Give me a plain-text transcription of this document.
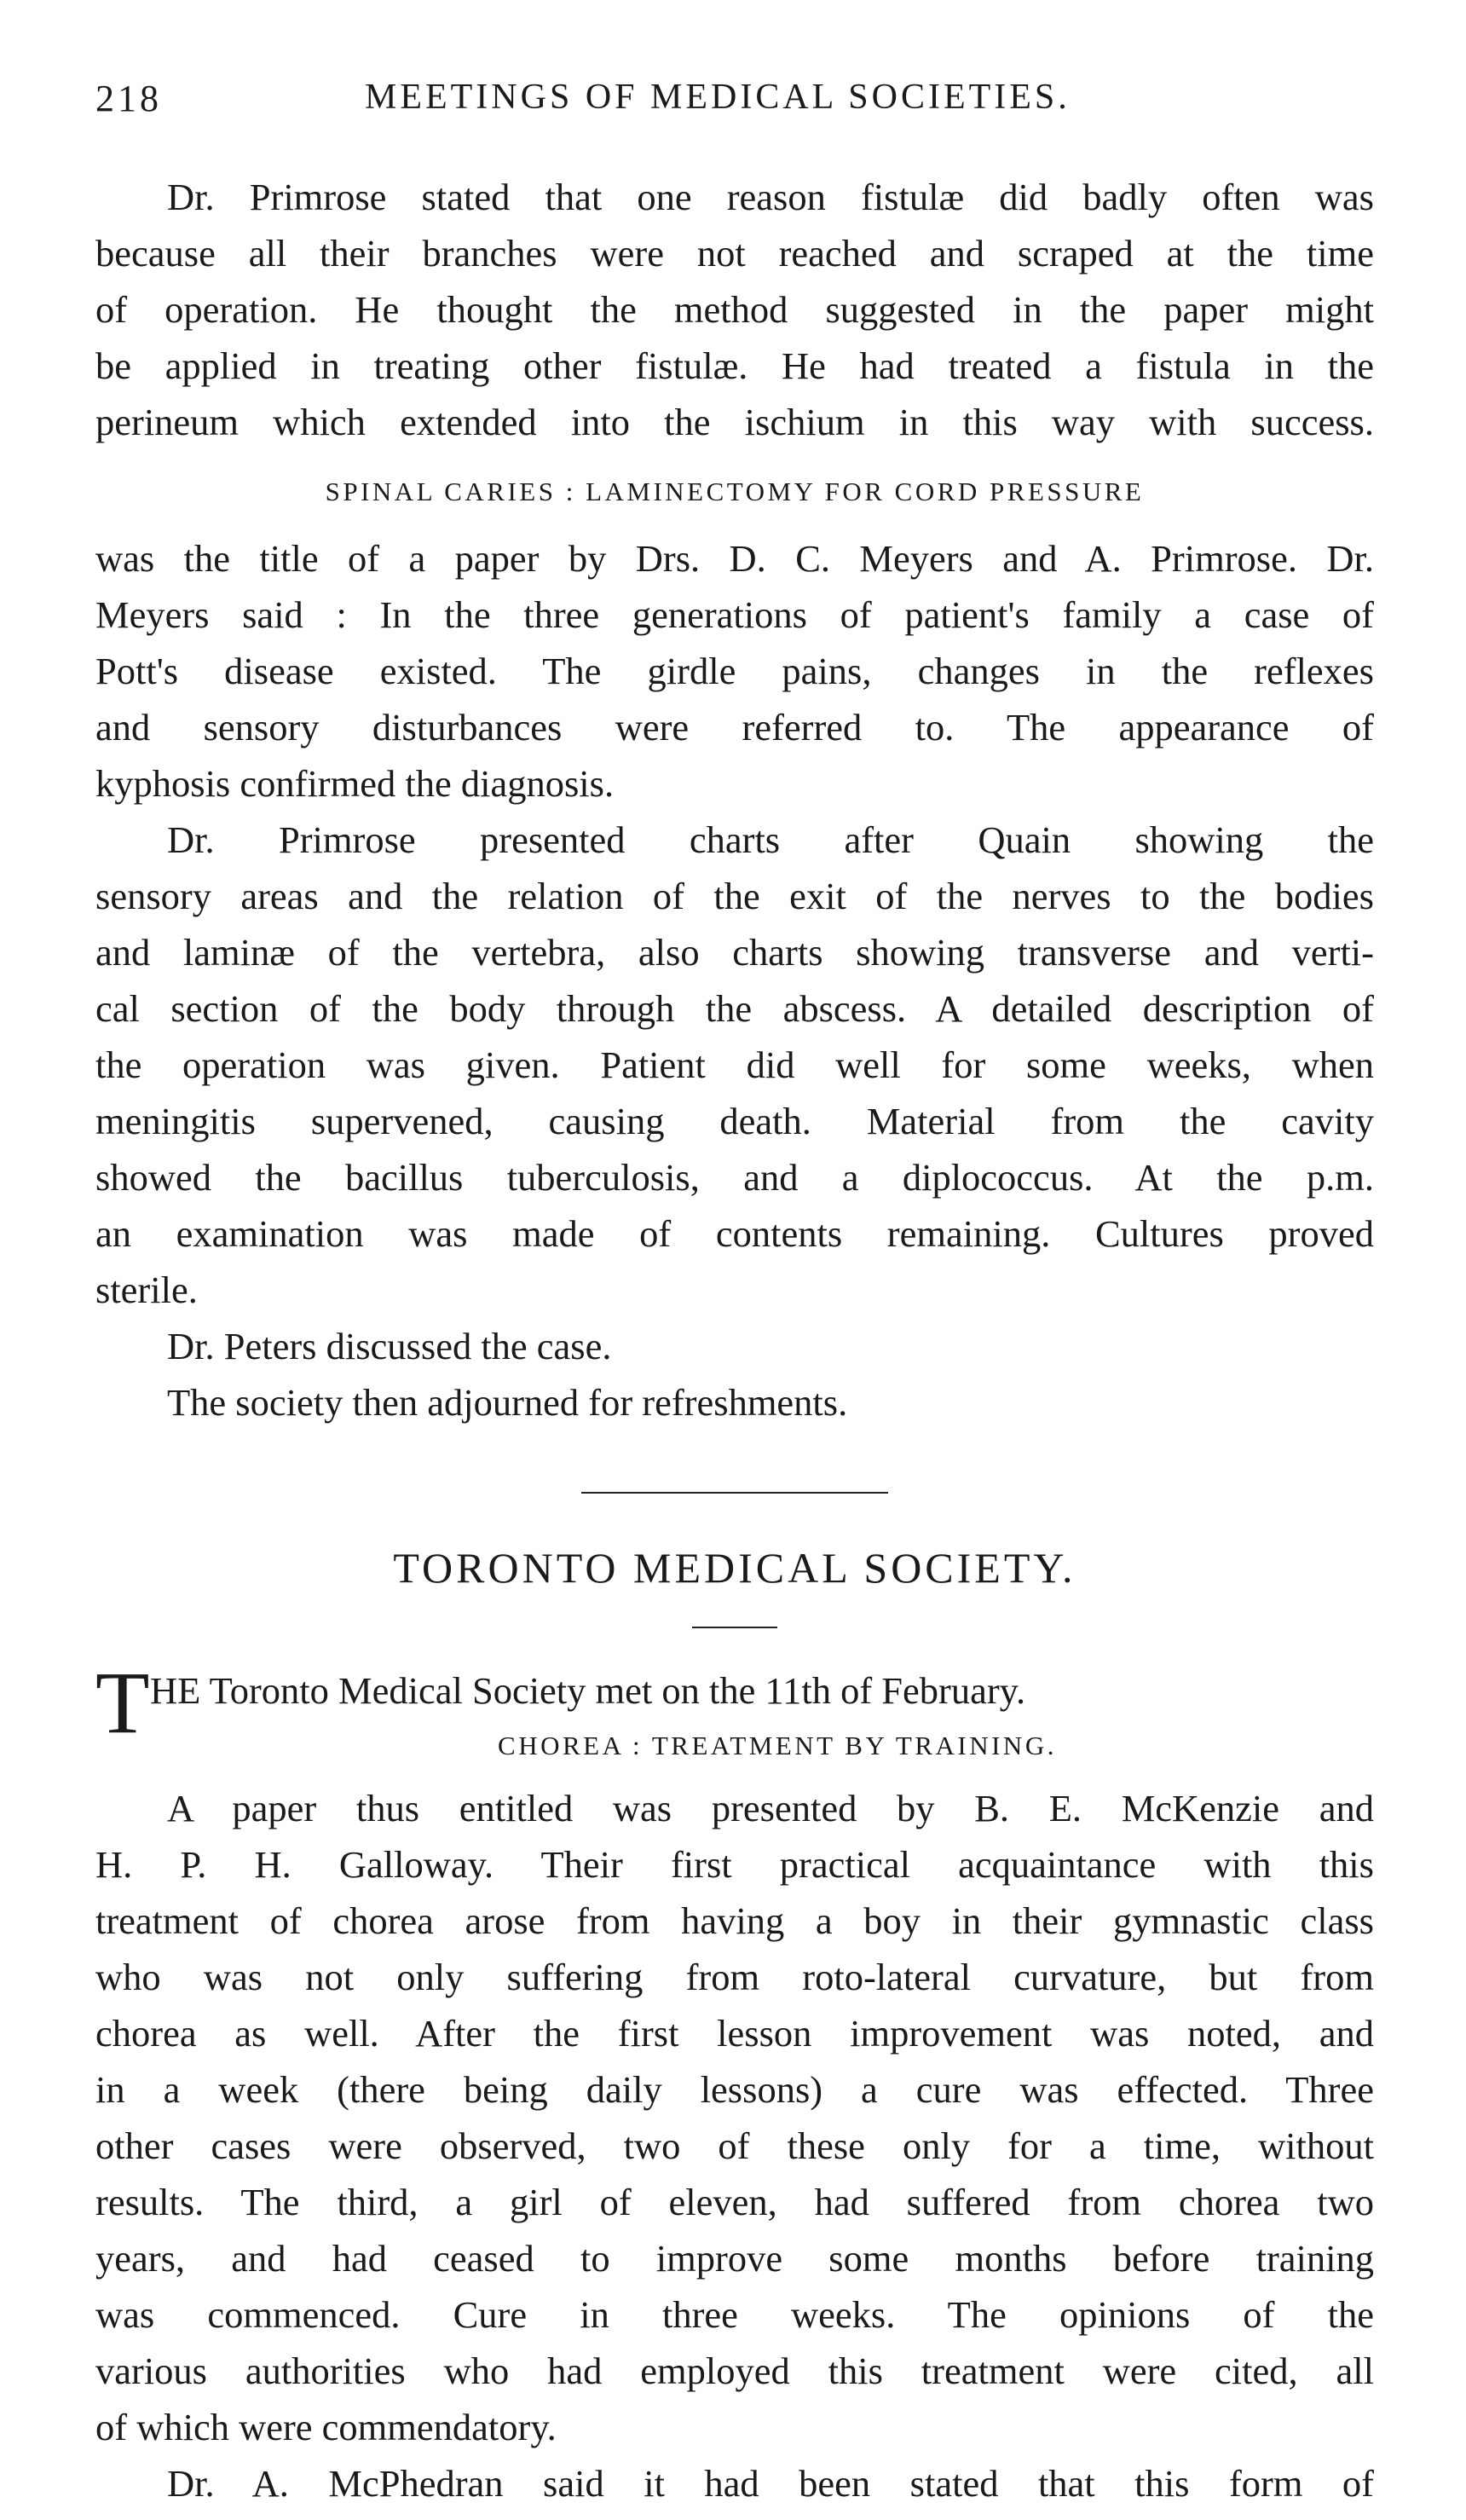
218	MEETINGS OF MEDICAL SOCIETIES.

Dr. Primrose stated that one reason fistulæ did badly often was

because all their branches were not reached and scraped at the time

of operation. He thought the method suggested in the paper might

be applied in treating other fistulæ. He had treated a fistula in the

perineum which extended into the ischium in this way with success.

SPINAL CARIES : LAMINECTOMY FOR CORD PRESSURE

was the title of a paper by Drs. D. C. Meyers and A. Primrose. Dr.

Meyers said : In the three generations of patient's family a case of

Pott's disease existed. The girdle pains, changes in the reflexes

and sensory disturbances were referred to. The appearance of

kyphosis confirmed the diagnosis.

Dr. Primrose presented charts after Quain showing the

sensory areas and the relation of the exit of the nerves to the bodies

and laminæ of the vertebra, also charts showing transverse and verti-

cal section of the body through the abscess. A detailed description of

the operation was given. Patient did well for some weeks, when

meningitis supervened, causing death. Material from the cavity

showed the bacillus tuberculosis, and a diplococcus. At the p.m.

an examination was made of contents remaining. Cultures proved

sterile.

Dr. Peters discussed the case.

The society then adjourned for refreshments.

TORONTO MEDICAL SOCIETY.
T HE Toronto Medical Society met on the 11th of February.
CHOREA : TREATMENT BY TRAINING.

A paper thus entitled was presented by B. E. McKenzie and

H. P. H. Galloway. Their first practical acquaintance with this

treatment of chorea arose from having a boy in their gymnastic class

who was not only suffering from roto-lateral curvature, but from

chorea as well. After the first lesson improvement was noted, and

in a week (there being daily lessons) a cure was effected. Three

other cases were observed, two of these only for a time, without

results. The third, a girl of eleven, had suffered from chorea two

years, and had ceased to improve some months before training

was commenced. Cure in three weeks. The opinions of the

various authorities who had employed this treatment were cited, all

of which were commendatory.

Dr. A. McPhedran said it had been stated that this form of
